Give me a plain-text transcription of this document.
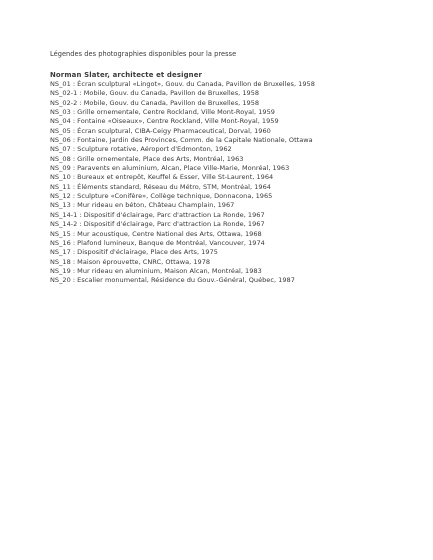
Légendes des photographies disponibles pour la presse
Norman Slater, architecte et designer
NS_01 : Écran sculptural «Lingot», Gouv. du Canada, Pavillon de Bruxelles, 1958
NS_02-1 : Mobile, Gouv. du Canada, Pavillon de Bruxelles, 1958
NS_02-2 : Mobile, Gouv. du Canada, Pavillon de Bruxelles, 1958
NS_03 : Grille ornementale, Centre Rockland, Ville Mont-Royal, 1959
NS_04 : Fontaine «Oiseaux», Centre Rockland, Ville Mont-Royal, 1959
NS_05 : Écran sculptural, CIBA-Ceigy Pharmaceutical, Dorval, 1960
NS_06 : Fontaine, Jardin des Provinces, Comm. de la Capitale Nationale, Ottawa
NS_07 : Sculpture rotative, Aéroport d'Edmonton, 1962
NS_08 : Grille ornementale, Place des Arts, Montréal, 1963
NS_09 : Paravents en aluminium, Alcan, Place Ville-Marie, Monréal, 1963
NS_10 : Bureaux et entrepôt, Keuffel & Esser, Ville St-Laurent, 1964
NS_11 : Éléments standard, Réseau du Métro, STM, Montréal, 1964
NS_12 : Sculpture «Conifère», Collège technique, Donnacona, 1965
NS_13 : Mur rideau en béton, Château Champlain, 1967
NS_14-1 : Dispositif d'éclairage, Parc d'attraction La Ronde, 1967
NS_14-2 : Dispositif d'éclairage, Parc d'attraction La Ronde, 1967
NS_15 : Mur acoustique, Centre National des Arts, Ottawa, 1968
NS_16 : Plafond lumineux, Banque de Montréal, Vancouver, 1974
NS_17 : Dispositif d'éclairage, Place des Arts, 1975
NS_18 : Maison éprouvette, CNRC, Ottawa, 1978
NS_19 : Mur rideau en aluminium, Maison Alcan, Montréal, 1983
NS_20 : Escalier monumental, Résidence du Gouv.-Général, Québec, 1987
